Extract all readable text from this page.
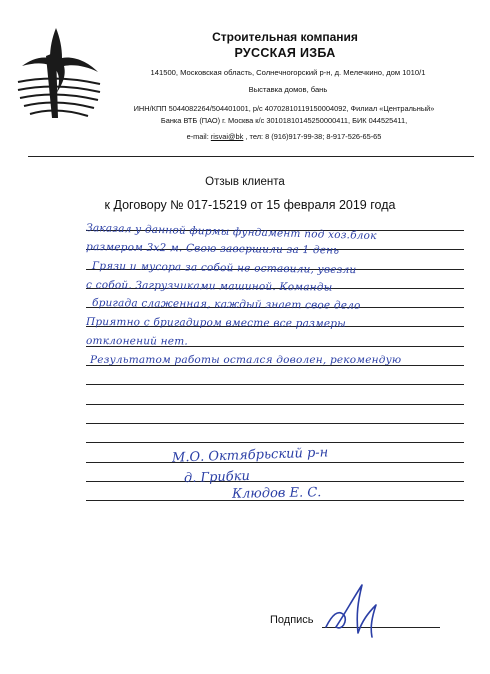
Строительная компания
РУССКАЯ ИЗБА
141500, Московская область, Солнечногорский р-н, д. Мелечкино, дом 1010/1
Выставка домов, бань
ИНН/КПП 5044082264/504401001, р/с 40702810119150004092, Филиал «Центральный»
Банка ВТБ (ПАО) г. Москва к/с 30101810145250000411, БИК 044525411,
e-mail: risvai@bk , тел: 8 (916)917-99-38; 8-917-526-65-65
Отзыв клиента
к Договору № 017-15219 от 15 февраля 2019 года
Заказал у данной фирмы фундамент под хоз.блок
размером 3х2 м. Свою завершили за 1 день
Грязи и мусора за собой не оставили, увезли
с собой. Загрузчиками машиной. Команды
бригада слаженная, каждый знает свое дело
Приятно с бригадиром вместе все размеры
отклонений нет.
Результатом работы остался доволен, рекомендую
М.О. Октябрьский р-н
д. Грибки
Клюдов Е. С.
Подпись
